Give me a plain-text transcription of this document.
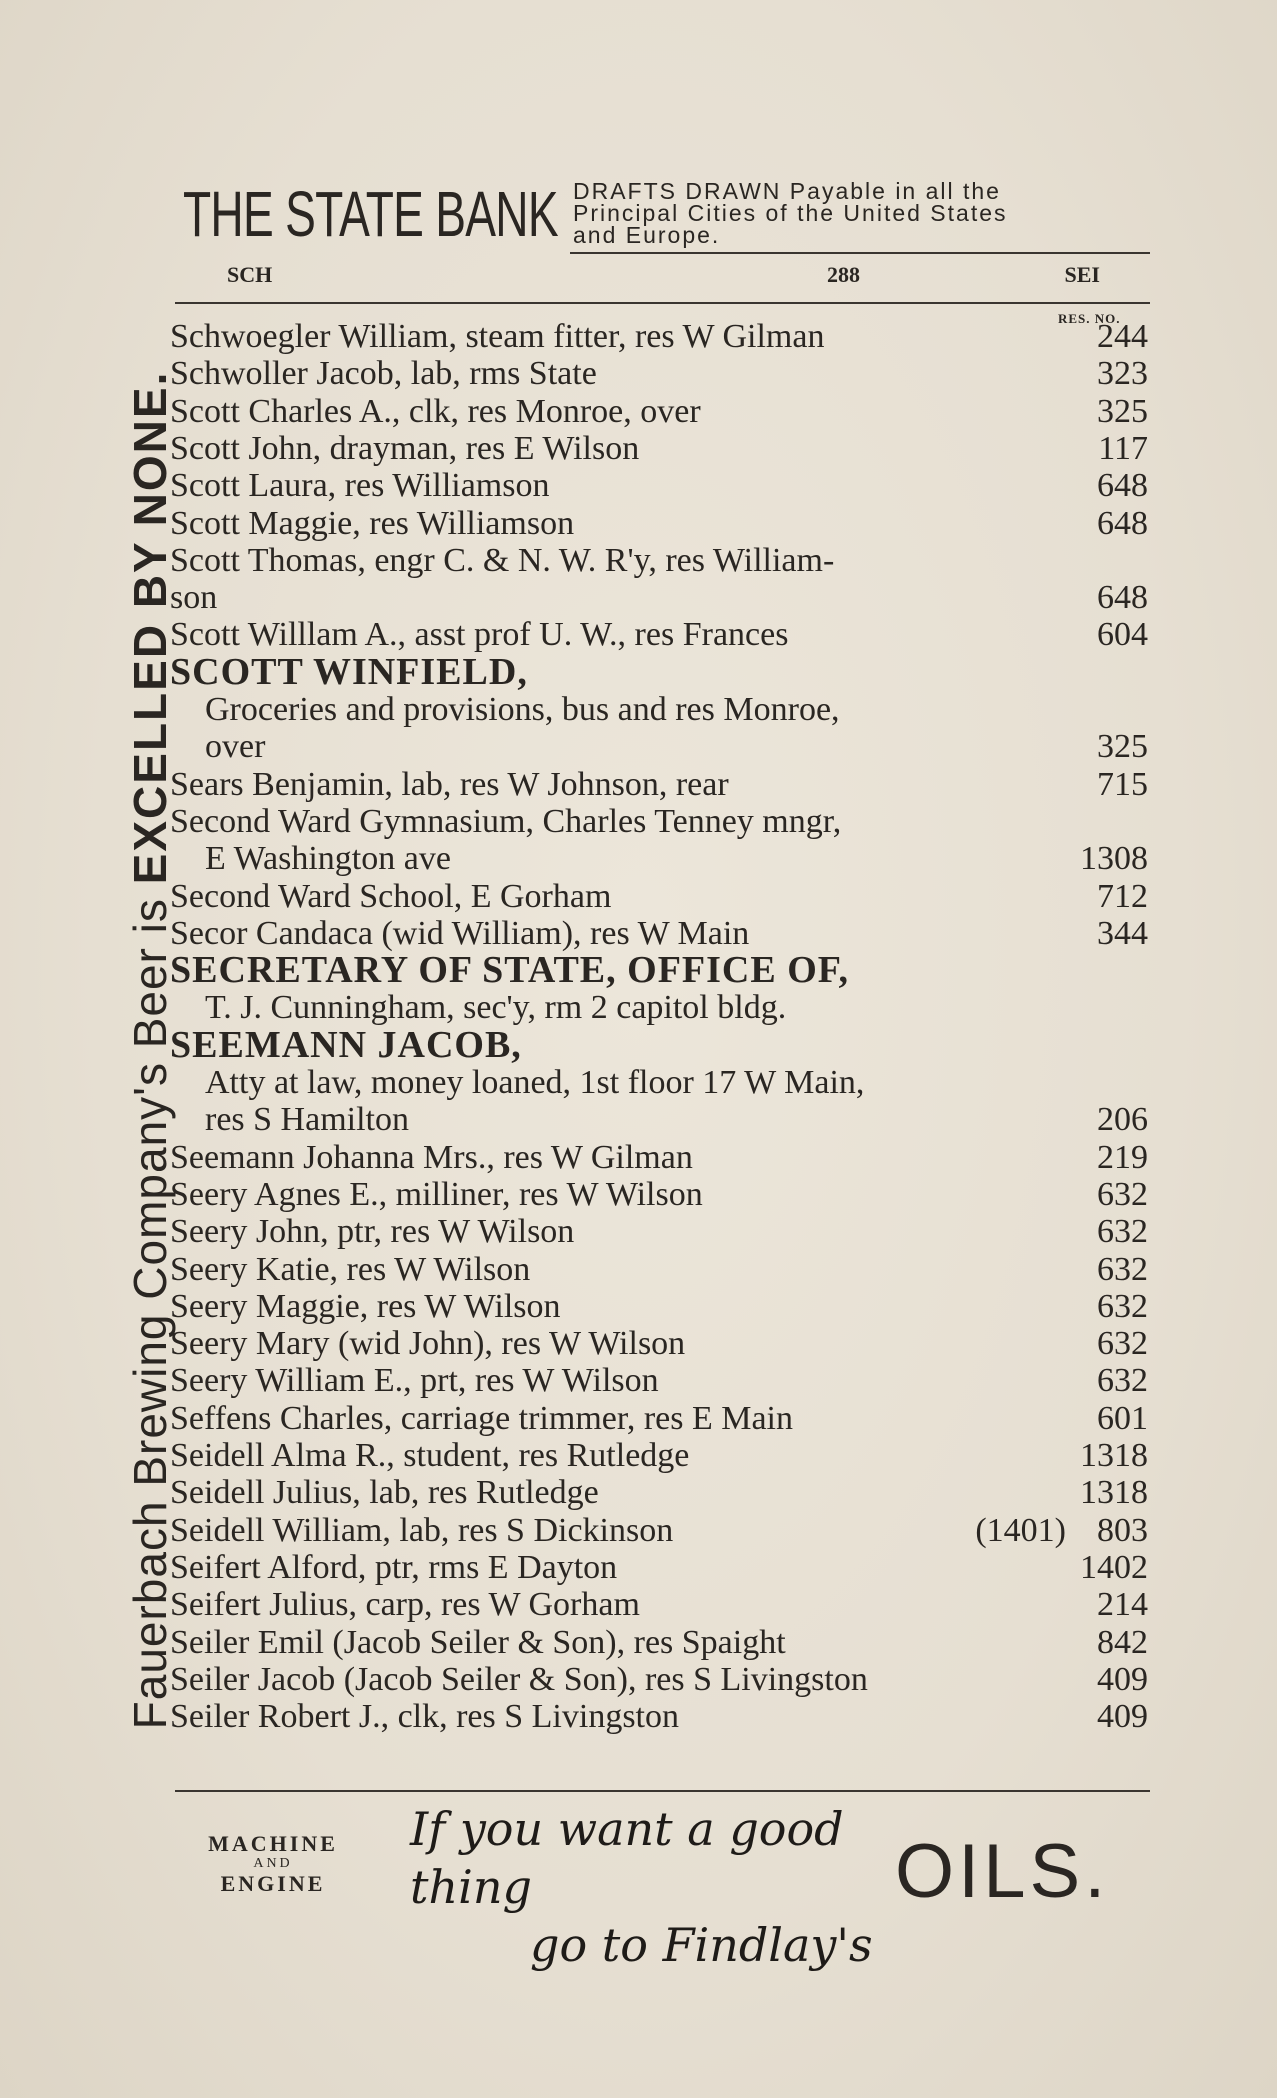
Fauerbach Brewing Company's Beer is EXCELLED BY NONE.
THE STATE BANK DRAFTS DRAWN Payable in all the
Principal Cities of the United States
and Europe.
SCH	288	SEI
RES. NO.
Schwoegler William, steam fitter, res W Gilman	244
Schwoller Jacob, lab, rms State	323
Scott Charles A., clk, res Monroe, over	325
Scott John, drayman, res E Wilson	117
Scott Laura, res Williamson	648
Scott Maggie, res Williamson	648
Scott Thomas, engr C. & N. W. R'y, res William-
son	648
Scott Willlam A., asst prof U. W., res Frances	604
SCOTT WINFIELD,
Groceries and provisions, bus and res Monroe,
over	325
Sears Benjamin, lab, res W Johnson, rear	715
Second Ward Gymnasium, Charles Tenney mngr,
E Washington ave	1308
Second Ward School, E Gorham	712
Secor Candaca (wid William), res W Main	344
SECRETARY OF STATE, OFFICE OF,
T. J. Cunningham, sec'y, rm 2 capitol bldg.
SEEMANN JACOB,
Atty at law, money loaned, 1st floor 17 W Main,
res S Hamilton	206
Seemann Johanna Mrs., res W Gilman	219
Seery Agnes E., milliner, res W Wilson	632
Seery John, ptr, res W Wilson	632
Seery Katie, res W Wilson	632
Seery Maggie, res W Wilson	632
Seery Mary (wid John), res W Wilson	632
Seery William E., prt, res W Wilson	632
Seffens Charles, carriage trimmer, res E Main	601
Seidell Alma R., student, res Rutledge	1318
Seidell Julius, lab, res Rutledge	1318
Seidell William, lab, res S Dickinson	(1401) 803
Seifert Alford, ptr, rms E Dayton	1402
Seifert Julius, carp, res W Gorham	214
Seiler Emil (Jacob Seiler & Son), res Spaight	842
Seiler Jacob (Jacob Seiler & Son), res S Livingston	409
Seiler Robert J., clk, res S Livingston	409
MACHINE
AND
ENGINE
If you want a good thing
go to Findlay's
OILS.
